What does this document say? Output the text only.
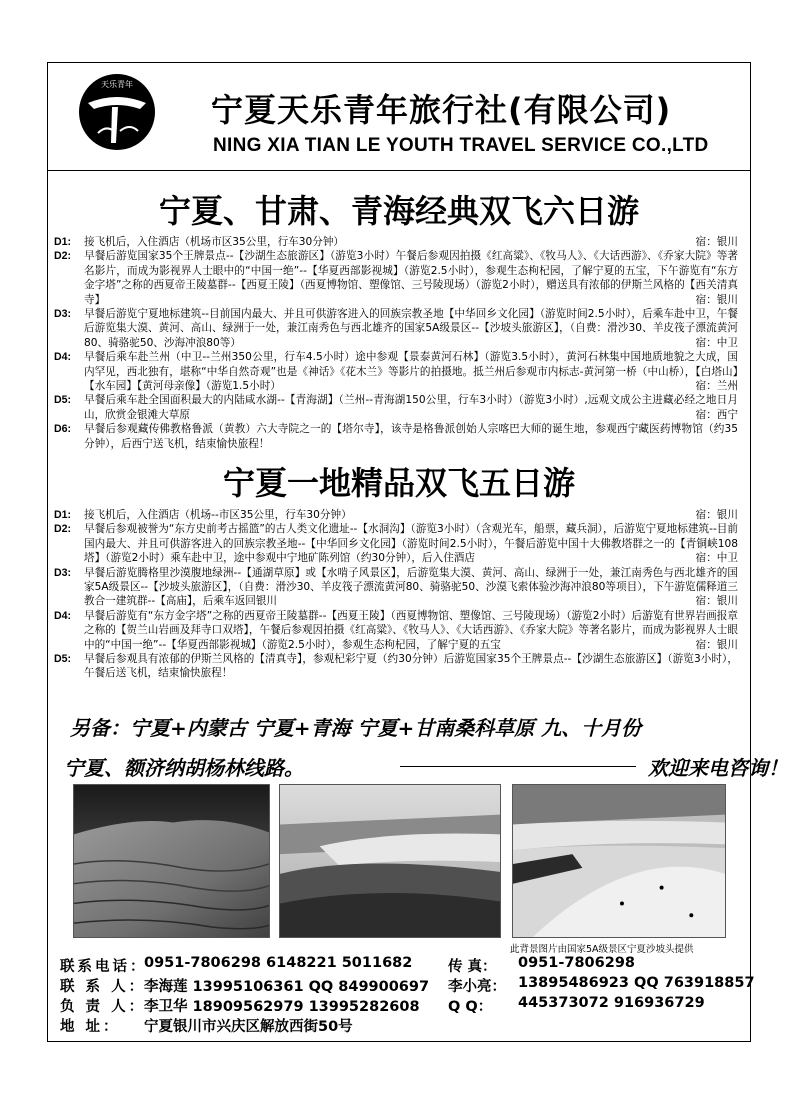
天乐青年
宁夏天乐青年旅行社(有限公司)
NING XIA TIAN LE YOUTH TRAVEL SERVICE CO.,LTD
宁夏、甘肃、青海经典双飞六日游
D1:	接飞机后，入住酒店（机场市区35公里，行车30分钟）	宿：银川
D2:	早餐后游览国家35个王牌景点--【沙湖生态旅游区】（游览3小时）午餐后参观因拍摄《红高粱》、《牧马人》、《大话西游》、《乔家大院》等著名影片，而成为影视界人士眼中的“中国一绝”--【华夏西部影视城】（游览2.5小时），参观生态枸杞园，了解宁夏的五宝，下午游览有“东方金字塔”之称的西夏帝王陵墓群--【西夏王陵】（西夏博物馆、塑像馆、三号陵现场）（游览2小时），赠送具有浓郁的伊斯兰风格的【西关清真寺】	宿：银川
D3:	早餐后游览宁夏地标建筑--目前国内最大、并且可供游客进入的回族宗教圣地【中华回乡文化园】（游览时间2.5小时），后乘车赴中卫，午餐后游览集大漠、黄河、高山、绿洲于一处，兼江南秀色与西北雄齐的国家5A级景区--【沙坡头旅游区】，（自费：滑沙30、羊皮筏子漂流黄河80、骑骆驼50、沙海冲浪80等）	宿：中卫
D4:	早餐后乘车赴兰州（中卫--兰州350公里，行车4.5小时）途中参观【景泰黄河石林】（游览3.5小时），黄河石林集中国地质地貌之大成，国内罕见，西北独有，堪称“中华自然奇观”也是《神话》《花木兰》等影片的拍摄地。抵兰州后参观市内标志-黄河第一桥（中山桥），【白塔山】【水车园】【黄河母亲像】（游览1.5小时）	宿：兰州
D5:	早餐后乘车赴全国面积最大的内陆咸水湖--【青海湖】（兰州--青海湖150公里，行车3小时）（游览3小时）,远观文成公主进藏必经之地日月山，欣赏金银滩大草原	宿：西宁
D6:	早餐后参观藏传佛教格鲁派（黄教）六大寺院之一的【塔尔寺】，该寺是格鲁派创始人宗喀巴大师的诞生地，参观西宁藏医药博物馆（约35分钟），后西宁送飞机，结束愉快旅程！
宁夏一地精品双飞五日游
D1:	接飞机后，入住酒店（机场--市区35公里，行车30分钟）	宿：银川
D2:	早餐后参观被誉为“东方史前考古摇篮”的古人类文化遗址--【水洞沟】（游览3小时）（含观光车，船票，藏兵洞），后游览宁夏地标建筑--目前国内最大、并且可供游客进入的回族宗教圣地--【中华回乡文化园】（游览时间2.5小时），午餐后游览中国十大佛教塔群之一的【青铜峡108塔】（游览2小时）乘车赴中卫，途中参观中宁地矿陈列馆（约30分钟），后入住酒店	宿：中卫
D3:	早餐后游览腾格里沙漠腹地绿洲--【通湖草原】或【水啃子风景区】，后游览集大漠、黄河、高山、绿洲于一处，兼江南秀色与西北雄齐的国家5A级景区--【沙坡头旅游区】，（自费：滑沙30、羊皮筏子漂流黄河80、骑骆驼50、沙漠飞索体验沙海冲浪80等项目），下午游览儒释道三教合一建筑群--【高庙】，后乘车返回银川	宿：银川
D4:	早餐后游览有“东方金字塔”之称的西夏帝王陵墓群--【西夏王陵】（西夏博物馆、塑像馆、三号陵现场）（游览2小时）后游览有世界岩画报章之称的【贺兰山岩画及拜寺口双塔】，午餐后参观因拍摄《红高粱》、《牧马人》、《大话西游》、《乔家大院》等著名影片，而成为影视界人士眼中的“中国一绝”--【华夏西部影视城】（游览2.5小时），参观生态枸杞园，了解宁夏的五宝	宿：银川
D5:	早餐后参观具有浓郁的伊斯兰风格的【清真寺】，参观杞彩宁夏（约30分钟）后游览国家35个王牌景点--【沙湖生态旅游区】（游览3小时），午餐后送飞机，结束愉快旅程！
另备：宁夏+内蒙古 宁夏+青海 宁夏+甘南桑科草原 九、十月份
宁夏、额济纳胡杨林线路。	欢迎来电咨询！
此背景图片由国家5A级景区宁夏沙坡头提供
联系电话：
0951-7806298 6148221 5011682 传 真： 0951-7806298
联 系 人：
李海莲 13995106361 QQ 849900697 李小亮： 13895486923 QQ 763918857
负 责 人：
李卫华 18909562979 13995282608 Q Q： 445373072 916936729
地 址： 宁夏银川市兴庆区解放西街50号
